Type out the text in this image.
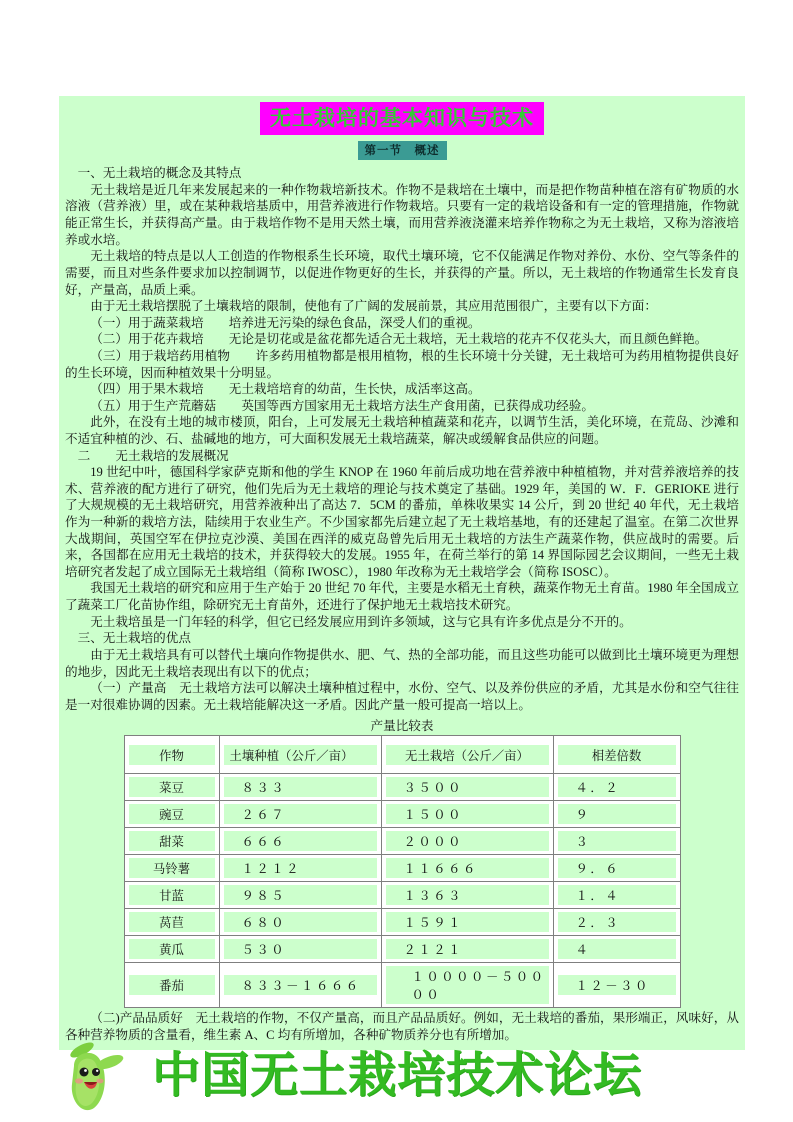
无土栽培的基本知识与技术
第一节　概述

一、无土栽培的概念及其特点

无土栽培是近几年来发展起来的一种作物栽培新技术。作物不是栽培在土壤中，而是把作物苗种植在溶有矿物质的水溶液（营养液）里，或在某种栽培基质中，用营养液进行作物栽培。只要有一定的栽培设备和有一定的管理措施，作物就能正常生长，并获得高产量。由于栽培作物不是用天然土壤，而用营养液浇灌来培养作物称之为无土栽培，又称为溶液培养或水培。

无土栽培的特点是以人工创造的作物根系生长环境，取代土壤环境，它不仅能满足作物对养份、水份、空气等条件的需要，而且对些条件要求加以控制调节，以促进作物更好的生长，并获得的产量。所以，无土栽培的作物通常生长发育良好，产量高，品质上乘。

由于无土栽培摆脱了土壤栽培的限制，使他有了广阔的发展前景，其应用范围很广，主要有以下方面：

（一）用于蔬菜栽培　　培养进无污染的绿色食品，深受人们的重视。

（二）用于花卉栽培　　无论是切花或是盆花都先适合无土栽培，无土栽培的花卉不仅花头大，而且颜色鲜艳。

（三）用于栽培药用植物　　许多药用植物都是根用植物，根的生长环境十分关键，无土栽培可为药用植物提供良好的生长环境，因而种植效果十分明显。

（四）用于果木栽培　　无土栽培培育的幼苗，生长快，成活率这高。

（五）用于生产荒蘑菇　　英国等西方国家用无土栽培方法生产食用菌，已获得成功经验。

此外，在没有土地的城市楼顶，阳台，上可发展无土栽培种植蔬菜和花卉，以调节生活，美化环境，在荒岛、沙滩和不适宜种植的沙、石、盐碱地的地方，可大面积发展无土栽培蔬菜，解决或缓解食品供应的问题。

二　　无土栽培的发展概况

19 世纪中叶，德国科学家萨克斯和他的学生 KNOP 在 1960 年前后成功地在营养液中种植植物，并对营养液培养的技术、营养液的配方进行了研究，他们先后为无土栽培的理论与技术奠定了基础。1929 年，美国的 W．F．GERIOKE 进行了大规规模的无土栽培研究，用营养液种出了高达 7．5CM 的番茄，单株收果实 14 公斤，到 20 世纪 40 年代，无土栽培作为一种新的栽培方法，陆续用于农业生产。不少国家都先后建立起了无土栽培基地，有的还建起了温室。在第二次世界大战期间，英国空军在伊拉克沙漠、美国在西洋的威克岛曾先后用无土栽培的方法生产蔬菜作物，供应战时的需要。后来，各国都在应用无土栽培的技术，并获得较大的发展。1955 年，在荷兰举行的第 14 界国际园艺会议期间，一些无土栽培研究者发起了成立国际无土栽培组（简称 IWOSC），1980 年改称为无土栽培学会（简称 ISOSC）。

我国无土栽培的研究和应用于生产始于 20 世纪 70 年代，主要是水稻无土育秧，蔬菜作物无土育苗。1980 年全国成立了蔬菜工厂化苗协作组，除研究无土育苗外，还进行了保护地无土栽培技术研究。

无土栽培虽是一门年轻的科学，但它已经发展应用到许多领域，这与它具有许多优点是分不开的。

三、无土栽培的优点

由于无土栽培具有可以替代土壤向作物提供水、肥、气、热的全部功能，而且这些功能可以做到比土壤环境更为理想的地步，因此无土栽培表现出有以下的优点；

（一）产量高　无土栽培方法可以解决土壤种植过程中，水份、空气、以及养份供应的矛盾，尤其是水份和空气往往是一对很难协调的因素。无土栽培能解决这一矛盾。因此产量一般可提高一培以上。

产量比较表
作物	土壤种植（公斤／亩）	无土栽培（公斤／亩）	相差倍数

菜豆	８３３	３５００	４．２

豌豆	２６７	１５００	９

甜菜	６６６	２０００	３

马铃薯	１２１２	１１６６６	９．６

甘蓝	９８５	１３６３	１．４

莴苣	６８０	１５９１	２．３

黄瓜	５３０	２１２１	４

番茄	８３３－１６６６	１００００－５００００	１２－３０

（二)产品品质好　无土栽培的作物，不仅产量高，而且产品品质好。例如，无土栽培的番茄，果形端正，风味好，从各种营养物质的含量看，维生素 A、C 均有所增加，各种矿物质养分也有所增加。

中国无土栽培技术论坛
